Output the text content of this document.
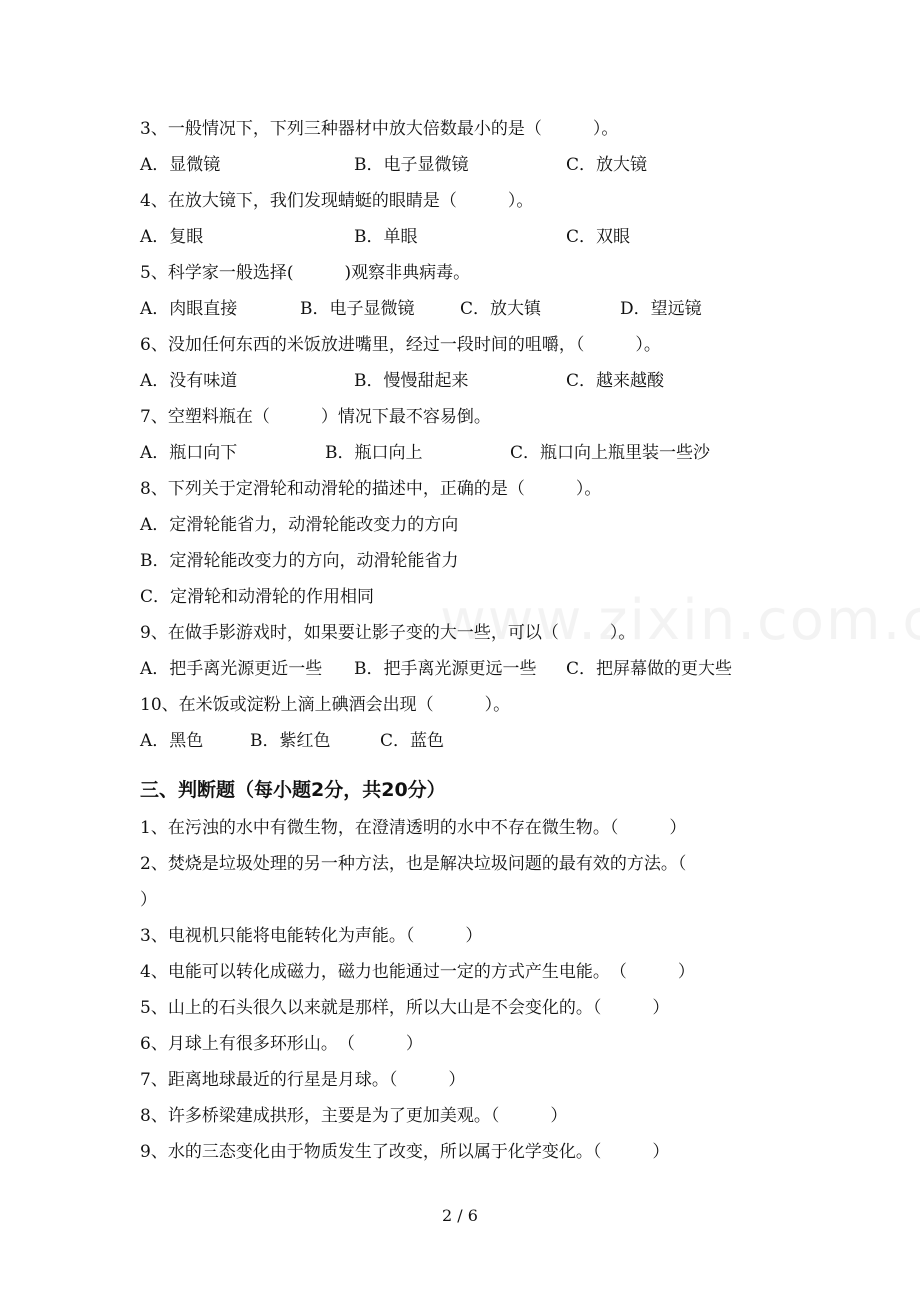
3、一般情况下，下列三种器材中放大倍数最小的是（　　　）。
A．显微镜	B．电子显微镜	C．放大镜
4、在放大镜下，我们发现蜻蜓的眼睛是（　　　）。
A．复眼	B．单眼	C．双眼
5、科学家一般选择(　　　)观察非典病毒。
A．肉眼直接	B．电子显微镜	C．放大镇	D．望远镜
6、没加任何东西的米饭放进嘴里，经过一段时间的咀嚼，（　　　）。
A．没有味道	B．慢慢甜起来	C．越来越酸
7、空塑料瓶在（　　　）情况下最不容易倒。
A．瓶口向下	B．瓶口向上	C．瓶口向上瓶里装一些沙
8、下列关于定滑轮和动滑轮的描述中，正确的是（　　　）。
A．定滑轮能省力，动滑轮能改变力的方向
B．定滑轮能改变力的方向，动滑轮能省力
C．定滑轮和动滑轮的作用相同
9、在做手影游戏时，如果要让影子变的大一些，可以（　　　）。
A．把手离光源更近一些 B．把手离光源更远一些 C．把屏幕做的更大些
10、在米饭或淀粉上滴上碘酒会出现（　　　）。
A．黑色	B．紫红色	C．蓝色
三、判断题（每小题2分，共20分）
1、在污浊的水中有微生物，在澄清透明的水中不存在微生物。（　　　）
2、焚烧是垃圾处理的另一种方法，也是解决垃圾问题的最有效的方法。（
）
3、电视机只能将电能转化为声能。（　　　）
4、电能可以转化成磁力，磁力也能通过一定的方式产生电能。　（　　　）
5、山上的石头很久以来就是那样，所以大山是不会变化的。（　　　）
6、月球上有很多环形山。　（　　　）
7、距离地球最近的行星是月球。（　　　）
8、许多桥梁建成拱形，主要是为了更加美观。（　　　）
9、水的三态变化由于物质发生了改变，所以属于化学变化。（　　　）
2 / 6
